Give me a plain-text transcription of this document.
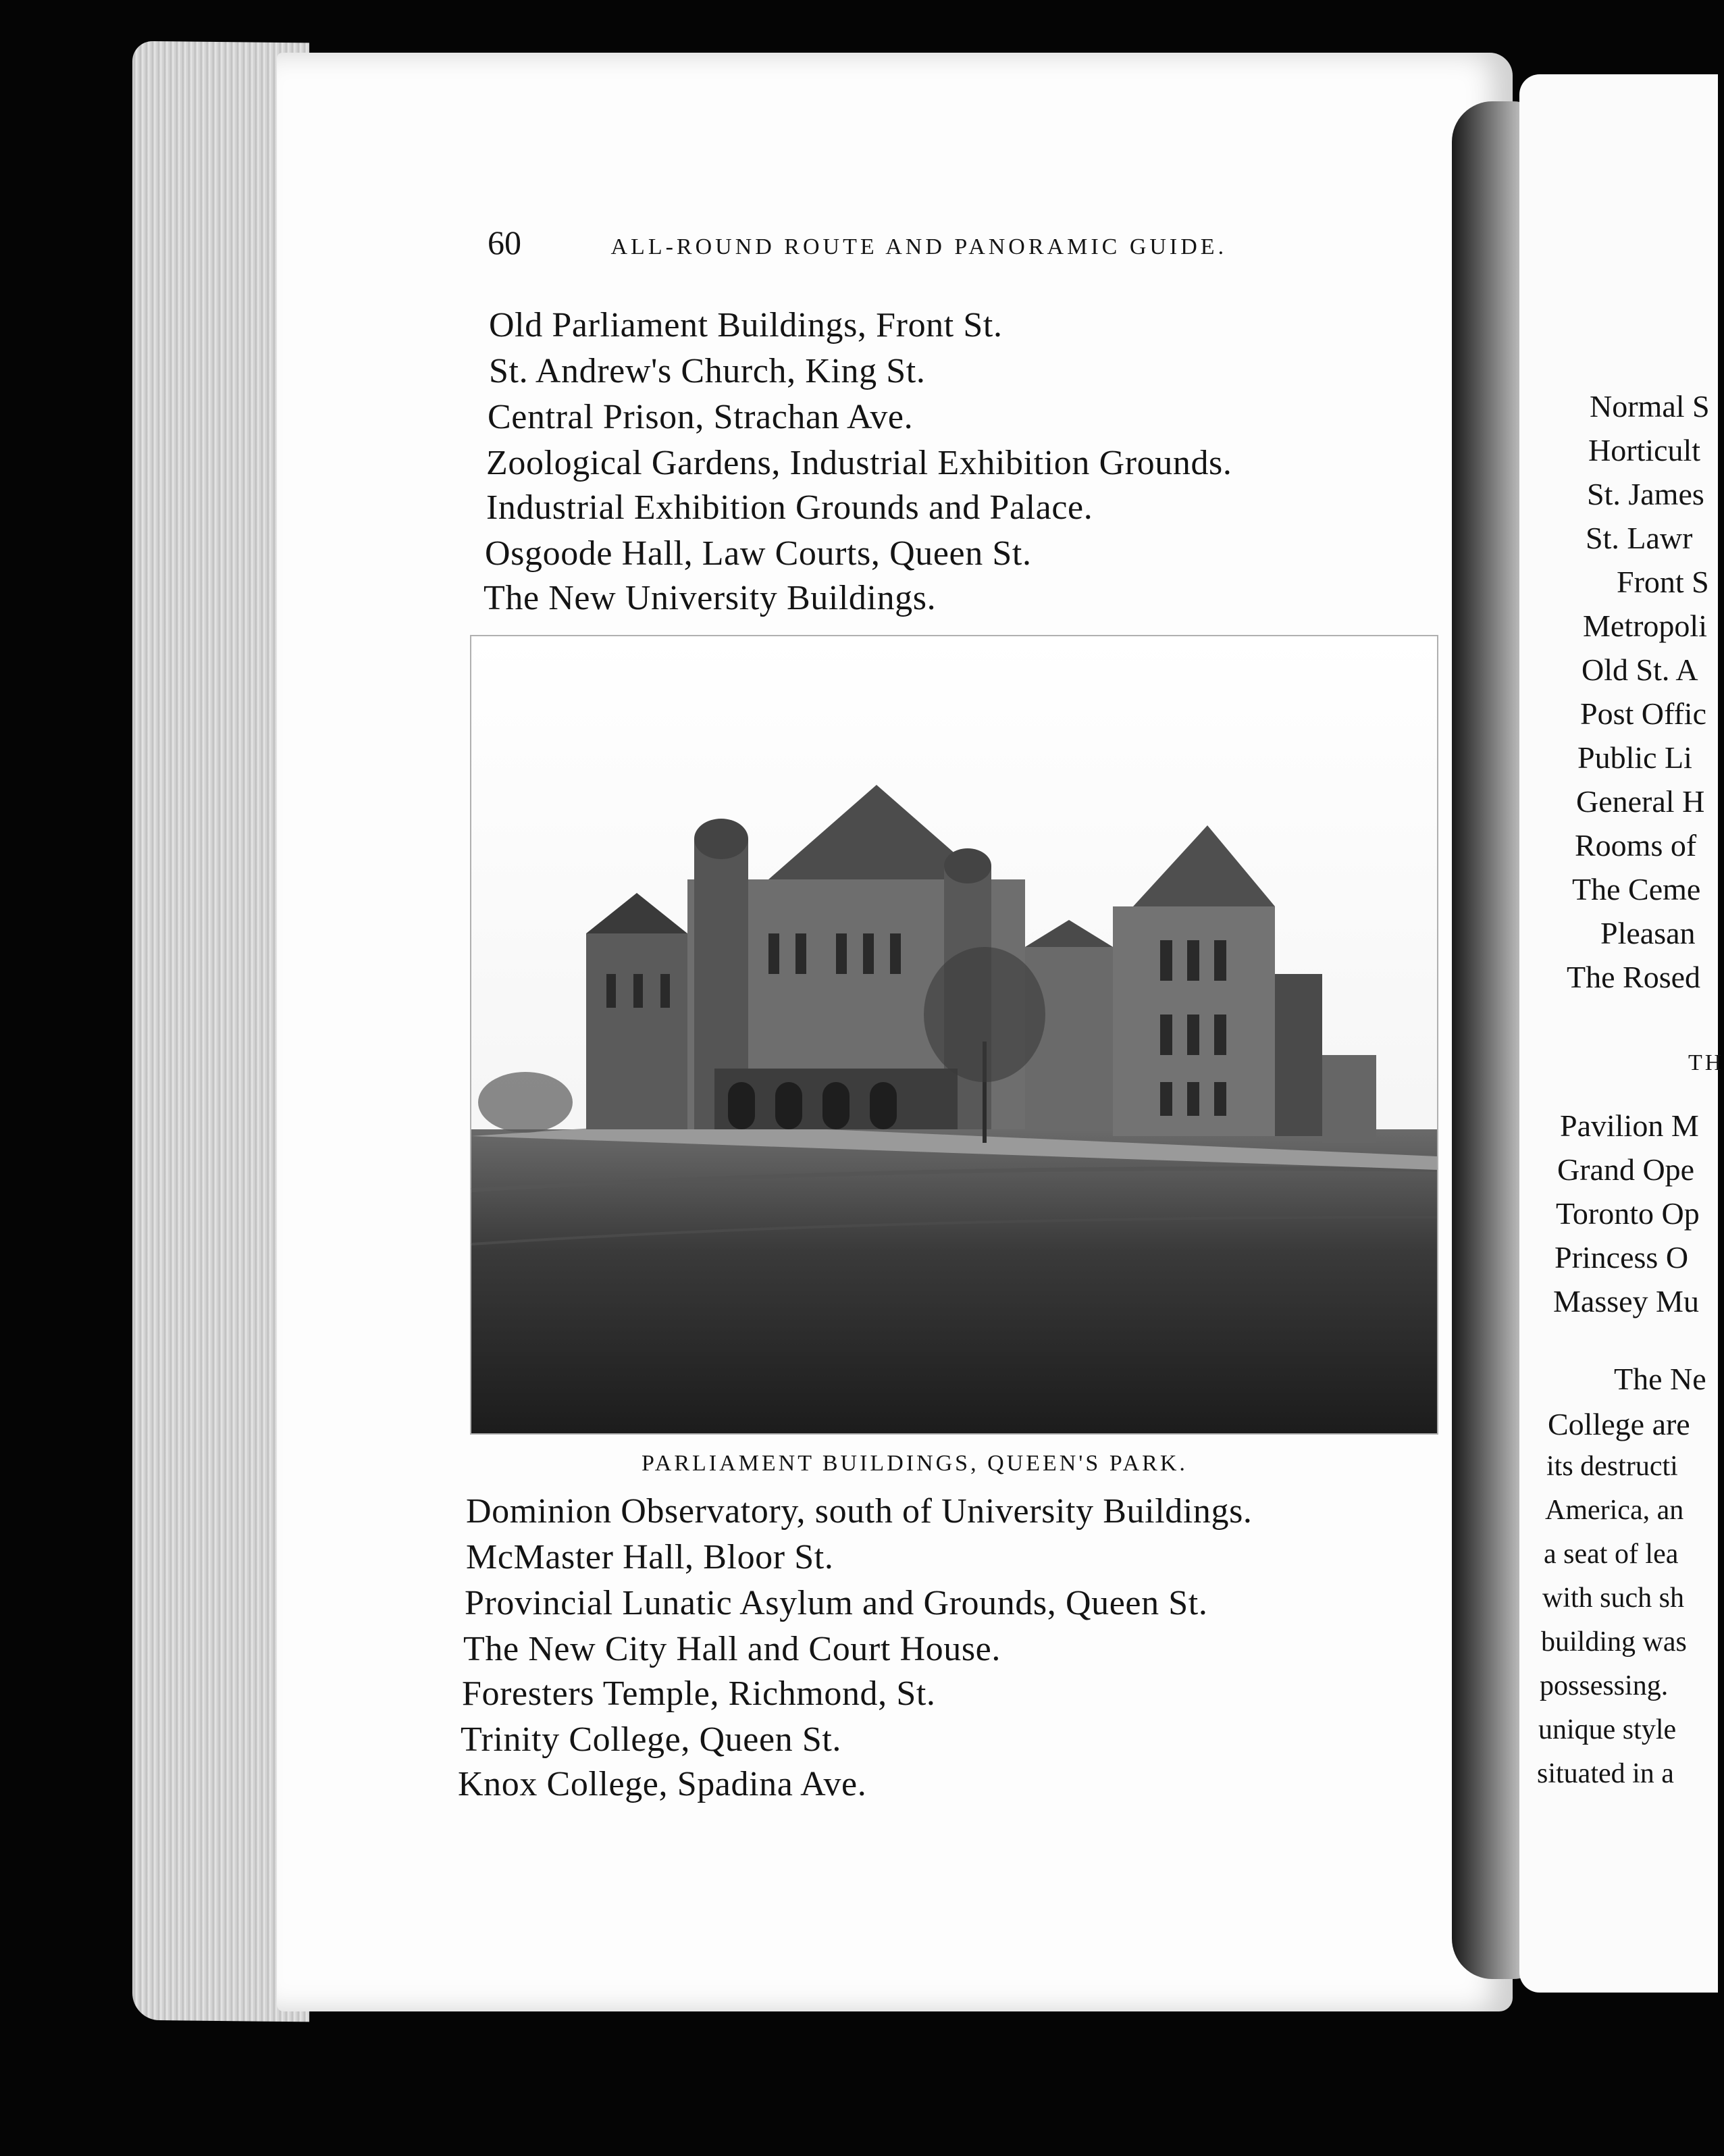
60	ALL-ROUND ROUTE AND PANORAMIC GUIDE.
Old Parliament Buildings, Front St.
St. Andrew's Church, King St.
Central Prison, Strachan Ave.
Zoological Gardens, Industrial Exhibition Grounds.
Industrial Exhibition Grounds and Palace.
Osgoode Hall, Law Courts, Queen St.
The New University Buildings.
PARLIAMENT BUILDINGS, QUEEN'S PARK.
Dominion Observatory, south of University Buildings.
McMaster Hall, Bloor St.
Provincial Lunatic Asylum and Grounds, Queen St.
The New City Hall and Court House.
Foresters Temple, Richmond, St.
Trinity College, Queen St.
Knox College, Spadina Ave.
Normal S
Horticult
St. James
St. Lawr
Front S
Metropoli
Old St. A
Post Offic
Public Li
General H
Rooms of
The Ceme
Pleasan
The Rosed
TH
Pavilion M
Grand Ope
Toronto Op
Princess O
Massey Mu
The Ne
College are
its destructi
America, an
a seat of lea
with such sh
building was
possessing.
unique style
situated in a
